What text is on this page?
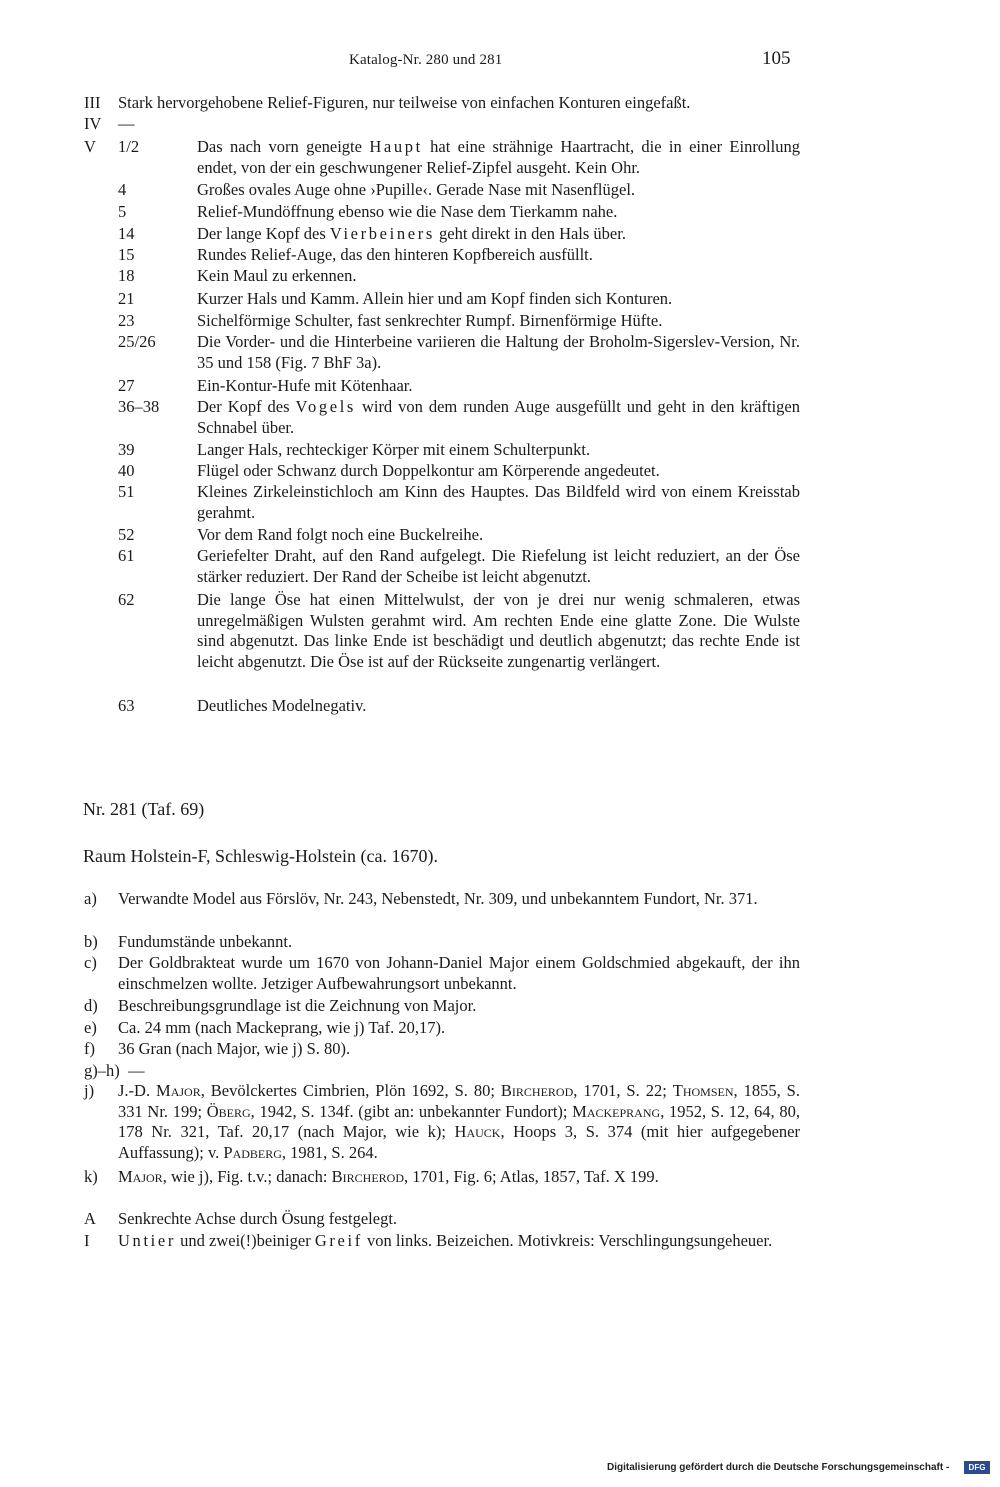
Katalog-Nr. 280 und 281	105
III Stark hervorgehobene Relief-Figuren, nur teilweise von einfachen Konturen eingefaßt.
IV —
V	1/2	Das nach vorn geneigte Haupt hat eine strähnige Haartracht, die in einer Einrollung endet, von der ein geschwungener Relief-Zipfel ausgeht. Kein Ohr.
4	Großes ovales Auge ohne ›Pupille‹. Gerade Nase mit Nasenflügel.
5	Relief-Mundöffnung ebenso wie die Nase dem Tierkamm nahe.
14	Der lange Kopf des Vierbeiners geht direkt in den Hals über.
15	Rundes Relief-Auge, das den hinteren Kopfbereich ausfüllt.
18	Kein Maul zu erkennen.
21	Kurzer Hals und Kamm. Allein hier und am Kopf finden sich Konturen.
23	Sichelförmige Schulter, fast senkrechter Rumpf. Birnenförmige Hüfte.
25/26	Die Vorder- und die Hinterbeine variieren die Haltung der Broholm-Sigerslev-Version, Nr. 35 und 158 (Fig. 7 BhF 3a).
27	Ein-Kontur-Hufe mit Kötenhaar.
36–38 Der Kopf des Vogels wird von dem runden Auge ausgefüllt und geht in den kräftigen Schnabel über.
39	Langer Hals, rechteckiger Körper mit einem Schulterpunkt.
40	Flügel oder Schwanz durch Doppelkontur am Körperende angedeutet.
51	Kleines Zirkeleinstichloch am Kinn des Hauptes. Das Bildfeld wird von einem Kreisstab gerahmt.
52	Vor dem Rand folgt noch eine Buckelreihe.
61	Geriefelter Draht, auf den Rand aufgelegt. Die Riefelung ist leicht reduziert, an der Öse stärker reduziert. Der Rand der Scheibe ist leicht abgenutzt.
62	Die lange Öse hat einen Mittelwulst, der von je drei nur wenig schmaleren, etwas unregelmäßigen Wulsten gerahmt wird. Am rechten Ende eine glatte Zone. Die Wulste sind abgenutzt. Das linke Ende ist beschädigt und deutlich abgenutzt; das rechte Ende ist leicht abgenutzt. Die Öse ist auf der Rückseite zungenartig verlängert.
63	Deutliches Modelnegativ.
Nr. 281 (Taf. 69)
Raum Holstein-F, Schleswig-Holstein (ca. 1670).
a) Verwandte Model aus Förslöv, Nr. 243, Nebenstedt, Nr. 309, und unbekanntem Fundort, Nr. 371.
b) Fundumstände unbekannt.
c) Der Goldbrakteat wurde um 1670 von Johann-Daniel Major einem Goldschmied abgekauft, der ihn einschmelzen wollte. Jetziger Aufbewahrungsort unbekannt.
d) Beschreibungsgrundlage ist die Zeichnung von Major.
e) Ca. 24 mm (nach Mackeprang, wie j) Taf. 20,17).
f) 36 Gran (nach Major, wie j) S. 80).
g)–h) —
j) J.-D. Major, Bevölckertes Cimbrien, Plön 1692, S. 80; Bircherod, 1701, S. 22; Thomsen, 1855, S. 331 Nr. 199; Öberg, 1942, S. 134f. (gibt an: unbekannter Fundort); Mackeprang, 1952, S. 12, 64, 80, 178 Nr. 321, Taf. 20,17 (nach Major, wie k); Hauck, Hoops 3, S. 374 (mit hier aufgegebener Auffassung); v. Padberg, 1981, S. 264.
k) Major, wie j), Fig. t.v.; danach: Bircherod, 1701, Fig. 6; Atlas, 1857, Taf. X 199.
A Senkrechte Achse durch Ösung festgelegt.
I Untier und zwei(!)beiniger Greif von links. Beizeichen. Motivkreis: Verschlingungsungeheuer.
Digitalisierung gefördert durch die Deutsche Forschungsgemeinschaft -	DFG
